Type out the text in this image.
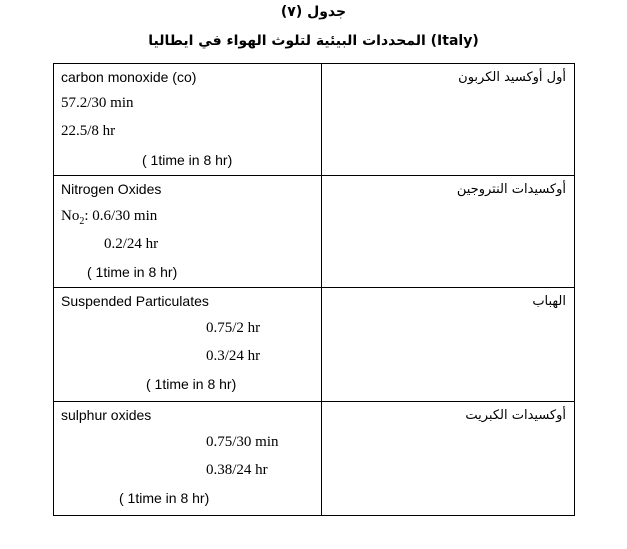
جدول (٧)
المحددات البيئية لتلوث الهواء في ايطاليا (Italy)
carbon monoxide (co)
57.2/30 min
22.5/8 hr
( 1time in 8 hr)	أول أوكسيد الكربون

Nitrogen Oxides
$No_2$: 0.6/30 min
0.2/24 hr
( 1time in 8 hr)	أوكسيدات النتروجين

Suspended Particulates
0.75/2 hr
0.3/24 hr
( 1time in 8 hr)	الهباب

sulphur oxides
0.75/30 min
0.38/24 hr
( 1time in 8 hr)	أوكسيدات الكبريت
